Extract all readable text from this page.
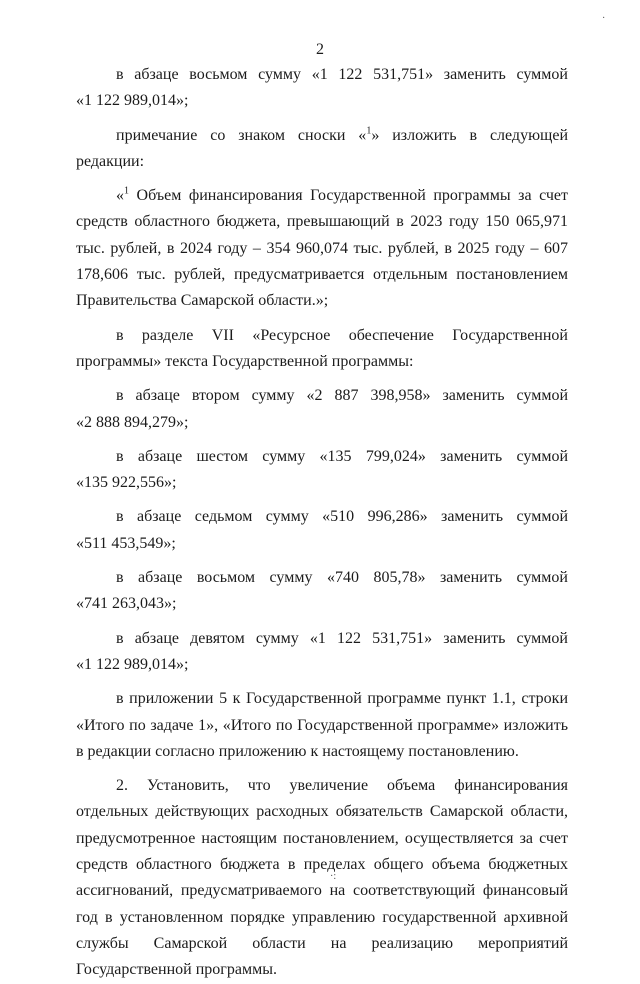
2

в абзаце восьмом сумму «1 122 531,751» заменить суммой

«1 122 989,014»;

примечание со знаком сноски «$^1$» изложить в следующей редакции:

«$^1$ Объем финансирования Государственной программы за счет средств областного бюджета, превышающий в 2023 году 150 065,971 тыс. рублей, в 2024 году – 354 960,074 тыс. рублей, в 2025 году – 607 178,606 тыс. рублей, предусматривается отдельным постановлением Правительства Самарской области.»;

в разделе VII «Ресурсное обеспечение Государственной программы» текста Государственной программы:

в абзаце втором сумму «2 887 398,958» заменить суммой

«2 888 894,279»;

в абзаце шестом сумму «135 799,024» заменить суммой

«135 922,556»;

в абзаце седьмом сумму «510 996,286» заменить суммой

«511 453,549»;

в абзаце восьмом сумму «740 805,78» заменить суммой

«741 263,043»;

в абзаце девятом сумму «1 122 531,751» заменить суммой

«1 122 989,014»;

в приложении 5 к Государственной программе пункт 1.1, строки «Итого по задаче 1», «Итого по Государственной программе» изложить в редакции согласно приложению к настоящему постановлению.

2. Установить, что увеличение объема финансирования отдельных действующих расходных обязательств Самарской области, предусмотренное настоящим постановлением, осуществляется за счет средств областного бюджета в пределах общего объема бюджетных ассигнований, предусматриваемого на соответствующий финансовый год в установленном порядке управлению государственной архивной службы Самарской области на реализацию мероприятий Государственной программы.

·
·:
